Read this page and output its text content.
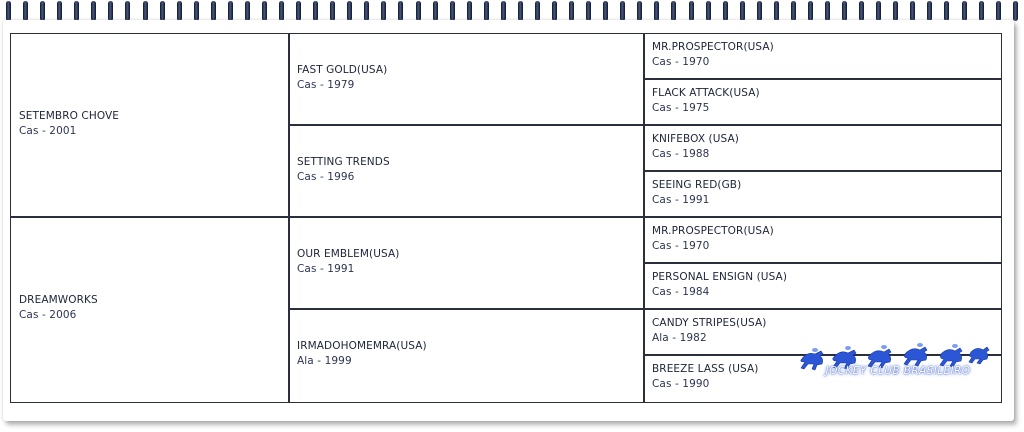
SETEMBRO CHOVE
Cas - 2001
DREAMWORKS
Cas - 2006
FAST GOLD(USA)
Cas - 1979
SETTING TRENDS
Cas - 1996
OUR EMBLEM(USA)
Cas - 1991
IRMADOHOMEMRA(USA)
Ala - 1999
MR.PROSPECTOR(USA)
Cas - 1970
FLACK ATTACK(USA)
Cas - 1975
KNIFEBOX (USA)
Cas - 1988
SEEING RED(GB)
Cas - 1991
MR.PROSPECTOR(USA)
Cas - 1970
PERSONAL ENSIGN (USA)
Cas - 1984
CANDY STRIPES(USA)
Ala - 1982
BREEZE LASS (USA)
Cas - 1990
JOCKEY CLUB BRASILEIRO
